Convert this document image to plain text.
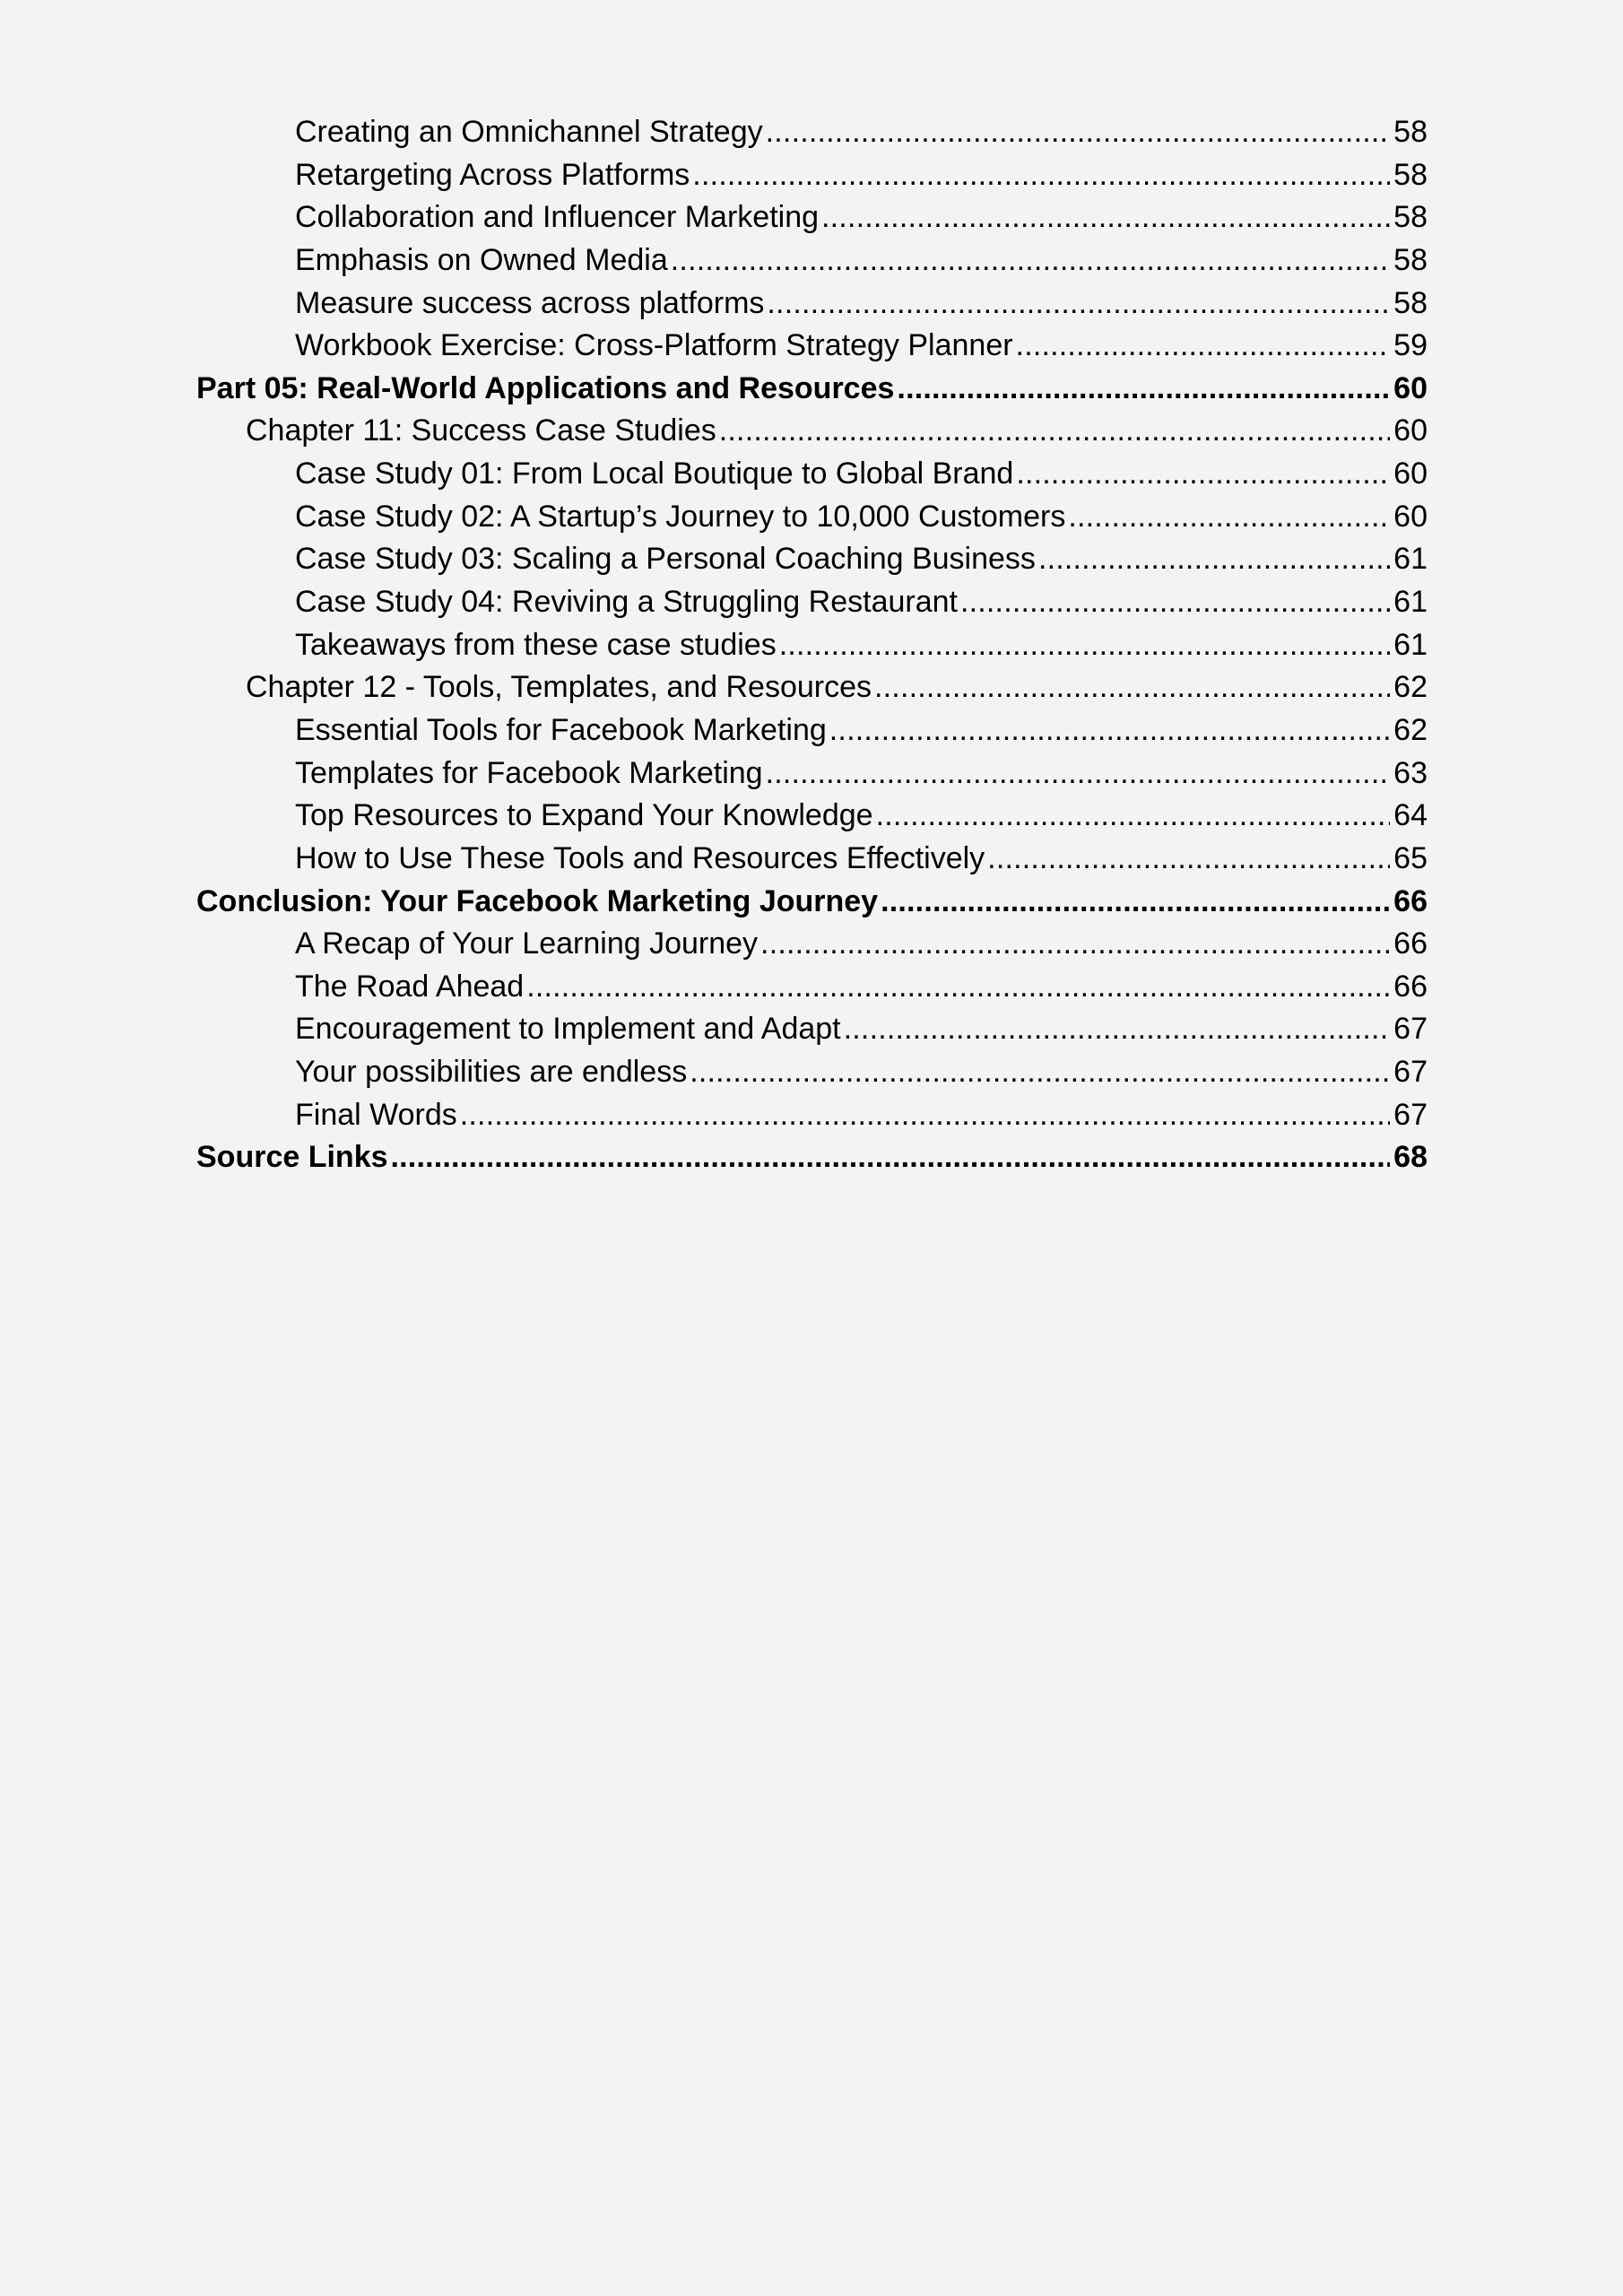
Creating an Omnichannel Strategy .....	58
Retargeting Across Platforms .....	58
Collaboration and Influencer Marketing .....	58
Emphasis on Owned Media .....	58
Measure success across platforms .....	58
Workbook Exercise: Cross-Platform Strategy Planner .....	59
Part 05: Real-World Applications and Resources .....	60
Chapter 11: Success Case Studies .....	60
Case Study 01: From Local Boutique to Global Brand .....	60
Case Study 02: A Startup’s Journey to 10,000 Customers .....	60
Case Study 03: Scaling a Personal Coaching Business .....	61
Case Study 04: Reviving a Struggling Restaurant .....	61
Takeaways from these case studies .....	61
Chapter 12 - Tools, Templates, and Resources .....	62
Essential Tools for Facebook Marketing .....	62
Templates for Facebook Marketing .....	63
Top Resources to Expand Your Knowledge .....	64
How to Use These Tools and Resources Effectively .....	65
Conclusion: Your Facebook Marketing Journey .....	66
A Recap of Your Learning Journey .....	66
The Road Ahead .....	66
Encouragement to Implement and Adapt .....	67
Your possibilities are endless .....	67
Final Words .....	67
Source Links .....	68
